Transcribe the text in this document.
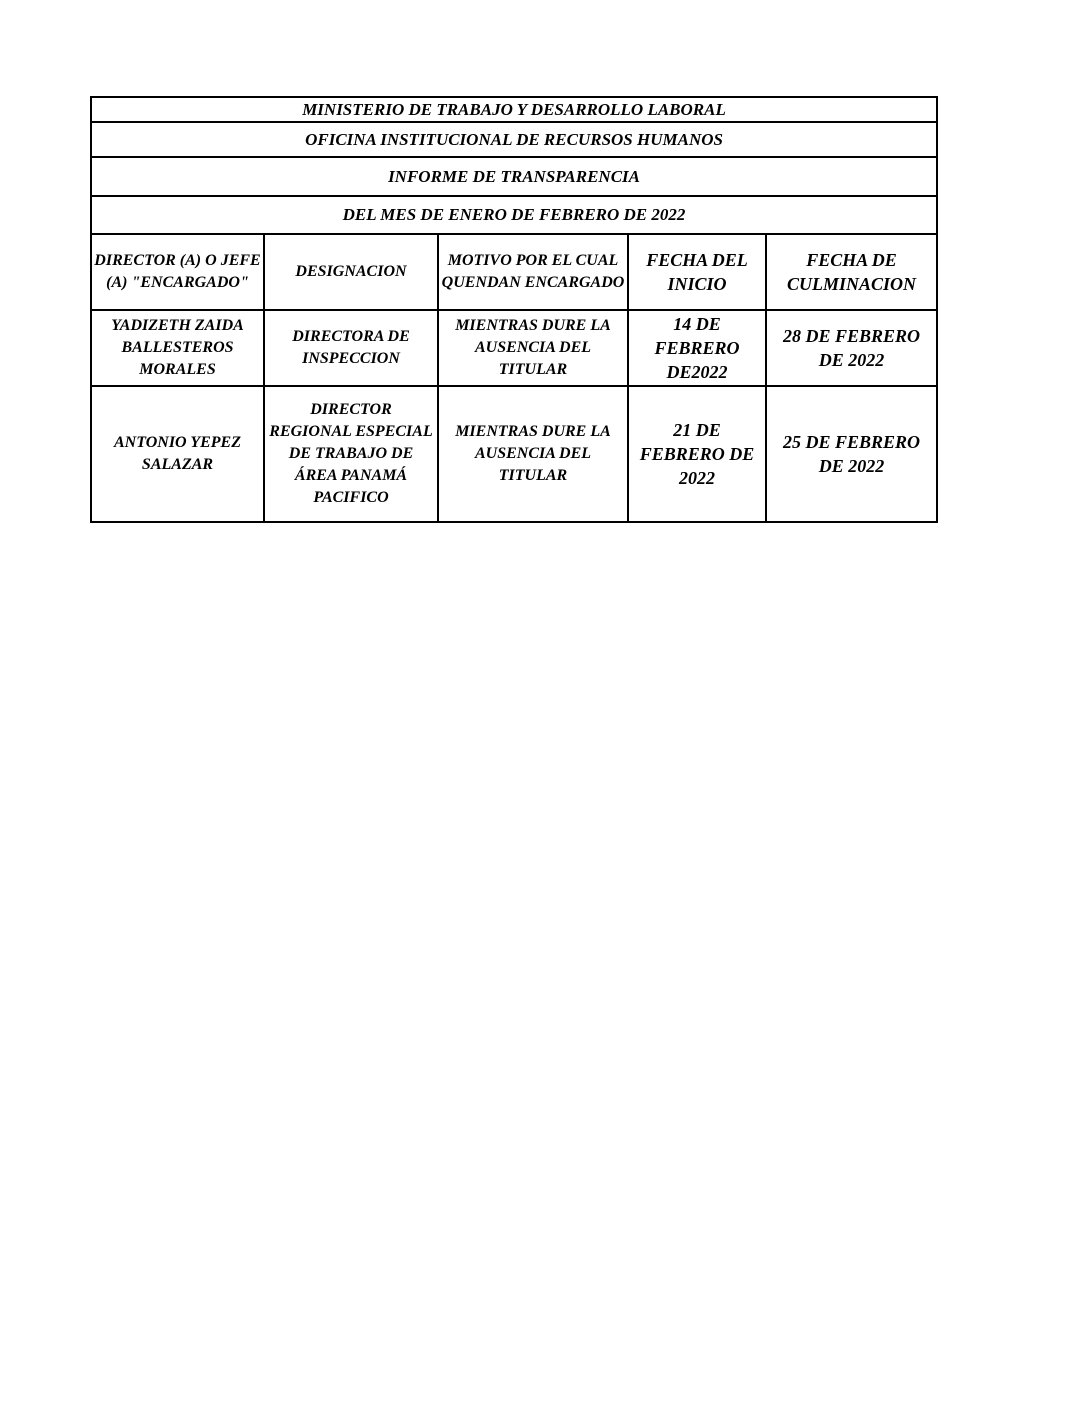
MINISTERIO DE TRABAJO Y DESARROLLO LABORAL				
OFICINA INSTITUCIONAL DE RECURSOS HUMANOS				
INFORME DE TRANSPARENCIA				
DEL MES DE ENERO DE FEBRERO DE 2022				
DIRECTOR (A) O JEFE (A) "ENCARGADO"	DESIGNACION	MOTIVO POR EL CUAL QUENDAN ENCARGADO	FECHA DEL INICIO	FECHA DE CULMINACION
YADIZETH ZAIDA BALLESTEROS MORALES	DIRECTORA DE INSPECCION	MIENTRAS DURE LA AUSENCIA DEL TITULAR	14 DE FEBRERO DE2022	28 DE FEBRERO DE 2022
ANTONIO YEPEZ SALAZAR	DIRECTOR REGIONAL ESPECIAL DE TRABAJO DE ÁREA PANAMÁ PACIFICO	MIENTRAS DURE LA AUSENCIA DEL TITULAR	21 DE FEBRERO DE 2022	25 DE FEBRERO DE 2022
